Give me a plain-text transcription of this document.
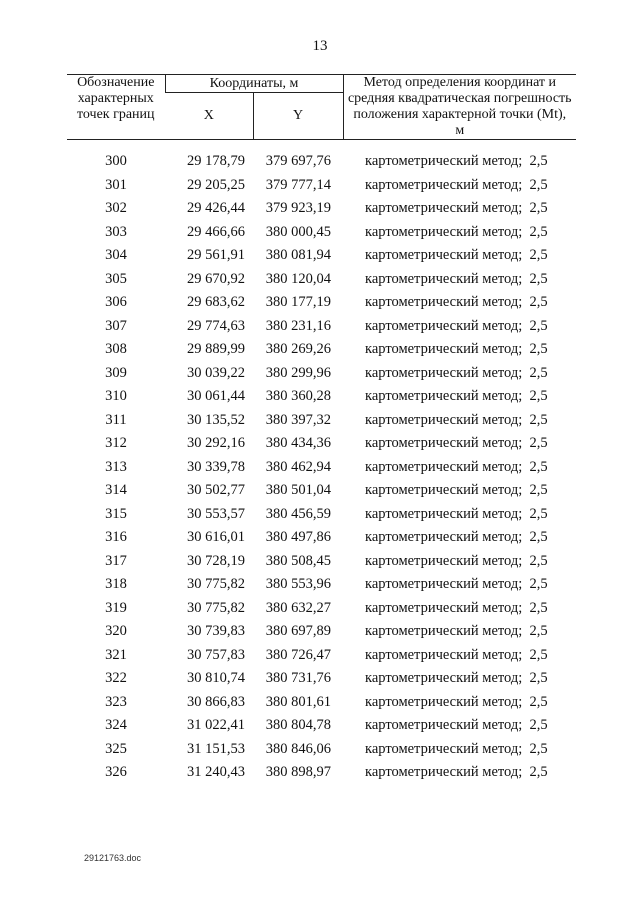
13
Обозначение характерных точек границ	Координаты, м		Метод определения координат и средняя квадратическая погрешность положения характерной точки (Mt), м
	X	Y	

300	29 178,79	379 697,76	картометрический метод; 2,5
301	29 205,25	379 777,14	картометрический метод; 2,5
302	29 426,44	379 923,19	картометрический метод; 2,5
303	29 466,66	380 000,45	картометрический метод; 2,5
304	29 561,91	380 081,94	картометрический метод; 2,5
305	29 670,92	380 120,04	картометрический метод; 2,5
306	29 683,62	380 177,19	картометрический метод; 2,5
307	29 774,63	380 231,16	картометрический метод; 2,5
308	29 889,99	380 269,26	картометрический метод; 2,5
309	30 039,22	380 299,96	картометрический метод; 2,5
310	30 061,44	380 360,28	картометрический метод; 2,5
311	30 135,52	380 397,32	картометрический метод; 2,5
312	30 292,16	380 434,36	картометрический метод; 2,5
313	30 339,78	380 462,94	картометрический метод; 2,5
314	30 502,77	380 501,04	картометрический метод; 2,5
315	30 553,57	380 456,59	картометрический метод; 2,5
316	30 616,01	380 497,86	картометрический метод; 2,5
317	30 728,19	380 508,45	картометрический метод; 2,5
318	30 775,82	380 553,96	картометрический метод; 2,5
319	30 775,82	380 632,27	картометрический метод; 2,5
320	30 739,83	380 697,89	картометрический метод; 2,5
321	30 757,83	380 726,47	картометрический метод; 2,5
322	30 810,74	380 731,76	картометрический метод; 2,5
323	30 866,83	380 801,61	картометрический метод; 2,5
324	31 022,41	380 804,78	картометрический метод; 2,5
325	31 151,53	380 846,06	картометрический метод; 2,5
326	31 240,43	380 898,97	картометрический метод; 2,5
29121763.doc
